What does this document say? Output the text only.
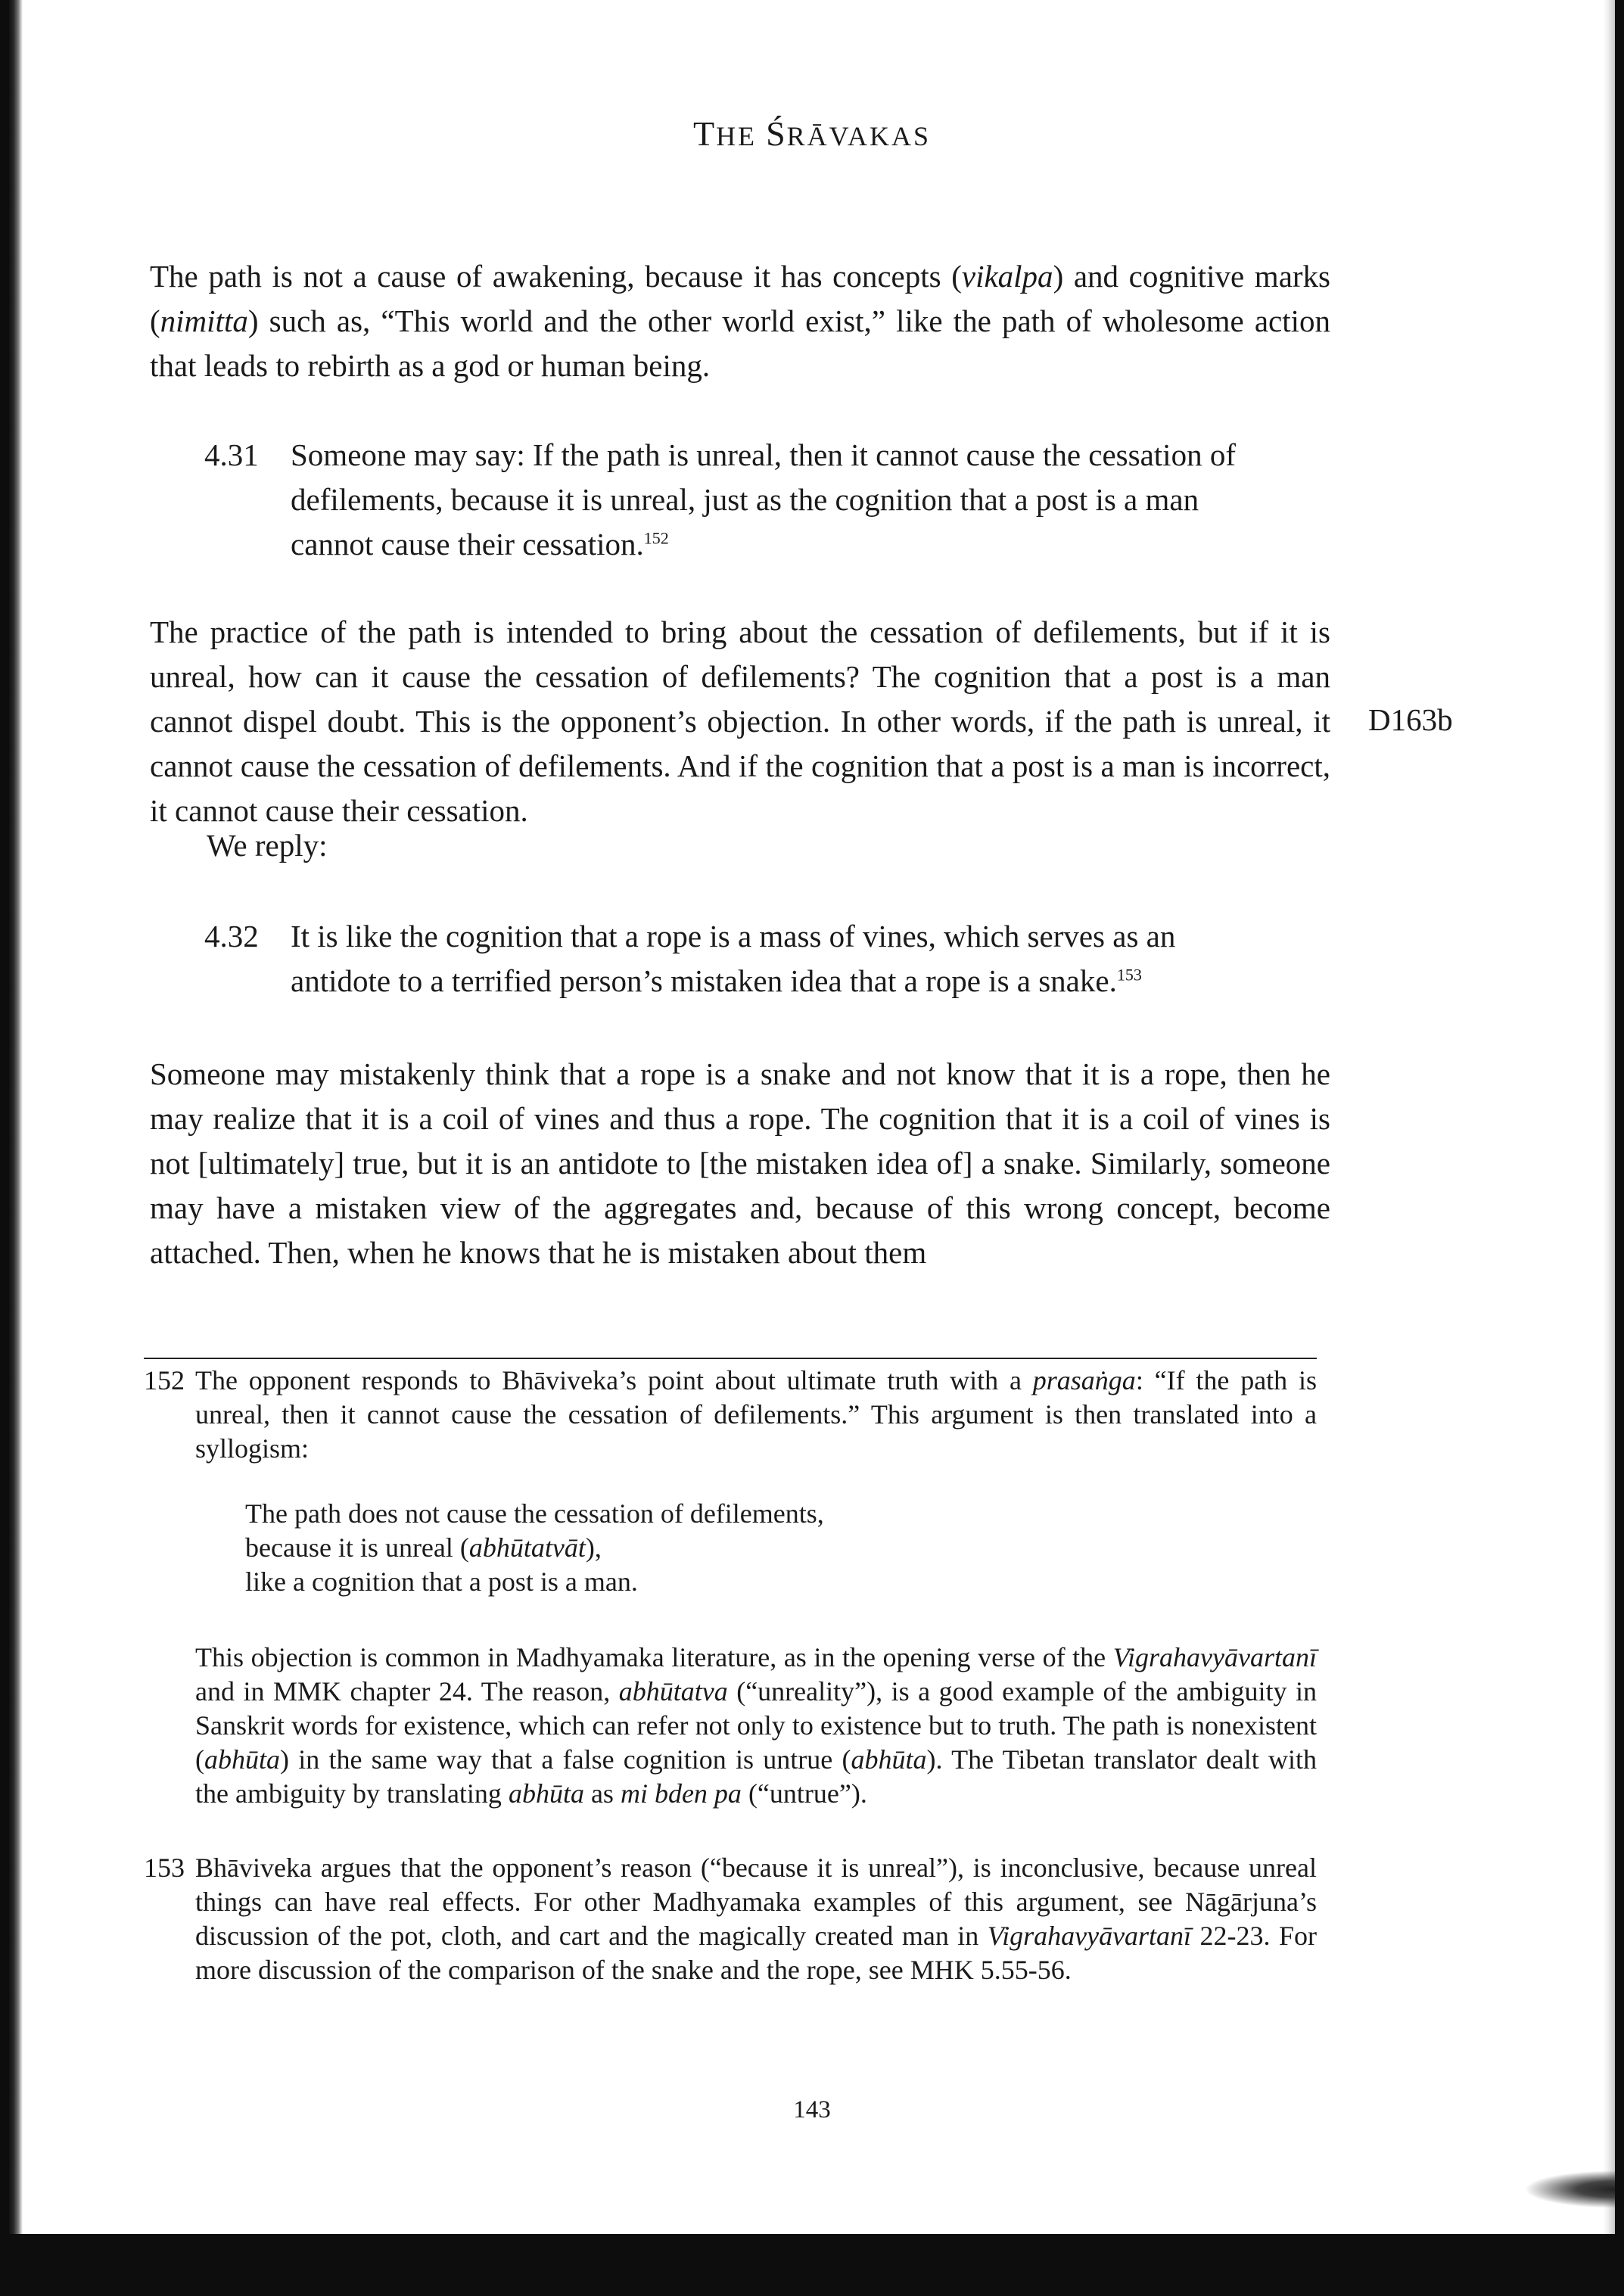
THE ŚRĀVAKAS

The path is not a cause of awakening, because it has concepts (vikalpa) and cognitive marks (nimitta) such as, “This world and the other world exist,” like the path of wholesome action that leads to rebirth as a god or human being.

4.31 Someone may say: If the path is unreal, then it cannot cause the cessation of defilements, because it is unreal, just as the cognition that a post is a man cannot cause their cessation.$^{152}$

The practice of the path is intended to bring about the cessation of defilements, but if it is unreal, how can it cause the cessation of defilements? The cognition that a post is a man cannot dispel doubt. This is the opponent’s objection. In other words, if the path is unreal, it cannot cause the cessation of defilements. And if the cognition that a post is a man is incorrect, it cannot cause their cessation.

D163b

We reply:

4.32 It is like the cognition that a rope is a mass of vines, which serves as an antidote to a terrified person’s mistaken idea that a rope is a snake.$^{153}$

Someone may mistakenly think that a rope is a snake and not know that it is a rope, then he may realize that it is a coil of vines and thus a rope. The cognition that it is a coil of vines is not [ultimately] true, but it is an antidote to [the mistaken idea of] a snake. Similarly, someone may have a mistaken view of the aggregates and, because of this wrong concept, become attached. Then, when he knows that he is mistaken about them

152 The opponent responds to Bhāviveka’s point about ultimate truth with a prasaṅga: “If the path is unreal, then it cannot cause the cessation of defilements.” This argument is then translated into a syllogism:
The path does not cause the cessation of defilements,
because it is unreal (abhūtatvāt),
like a cognition that a post is a man.
This objection is common in Madhyamaka literature, as in the opening verse of the Vigrahavyāvartanī and in MMK chapter 24. The reason, abhūtatva (“unreality”), is a good example of the ambiguity in Sanskrit words for existence, which can refer not only to existence but to truth. The path is nonexistent (abhūta) in the same way that a false cognition is untrue (abhūta). The Tibetan translator dealt with the ambiguity by translating abhūta as mi bden pa (“untrue”).
153 Bhāviveka argues that the opponent’s reason (“because it is unreal”), is inconclusive, because unreal things can have real effects. For other Madhyamaka examples of this argument, see Nāgārjuna’s discussion of the pot, cloth, and cart and the magically created man in Vigrahavyāvartanī 22-23. For more discussion of the comparison of the snake and the rope, see MHK 5.55-56.
143
